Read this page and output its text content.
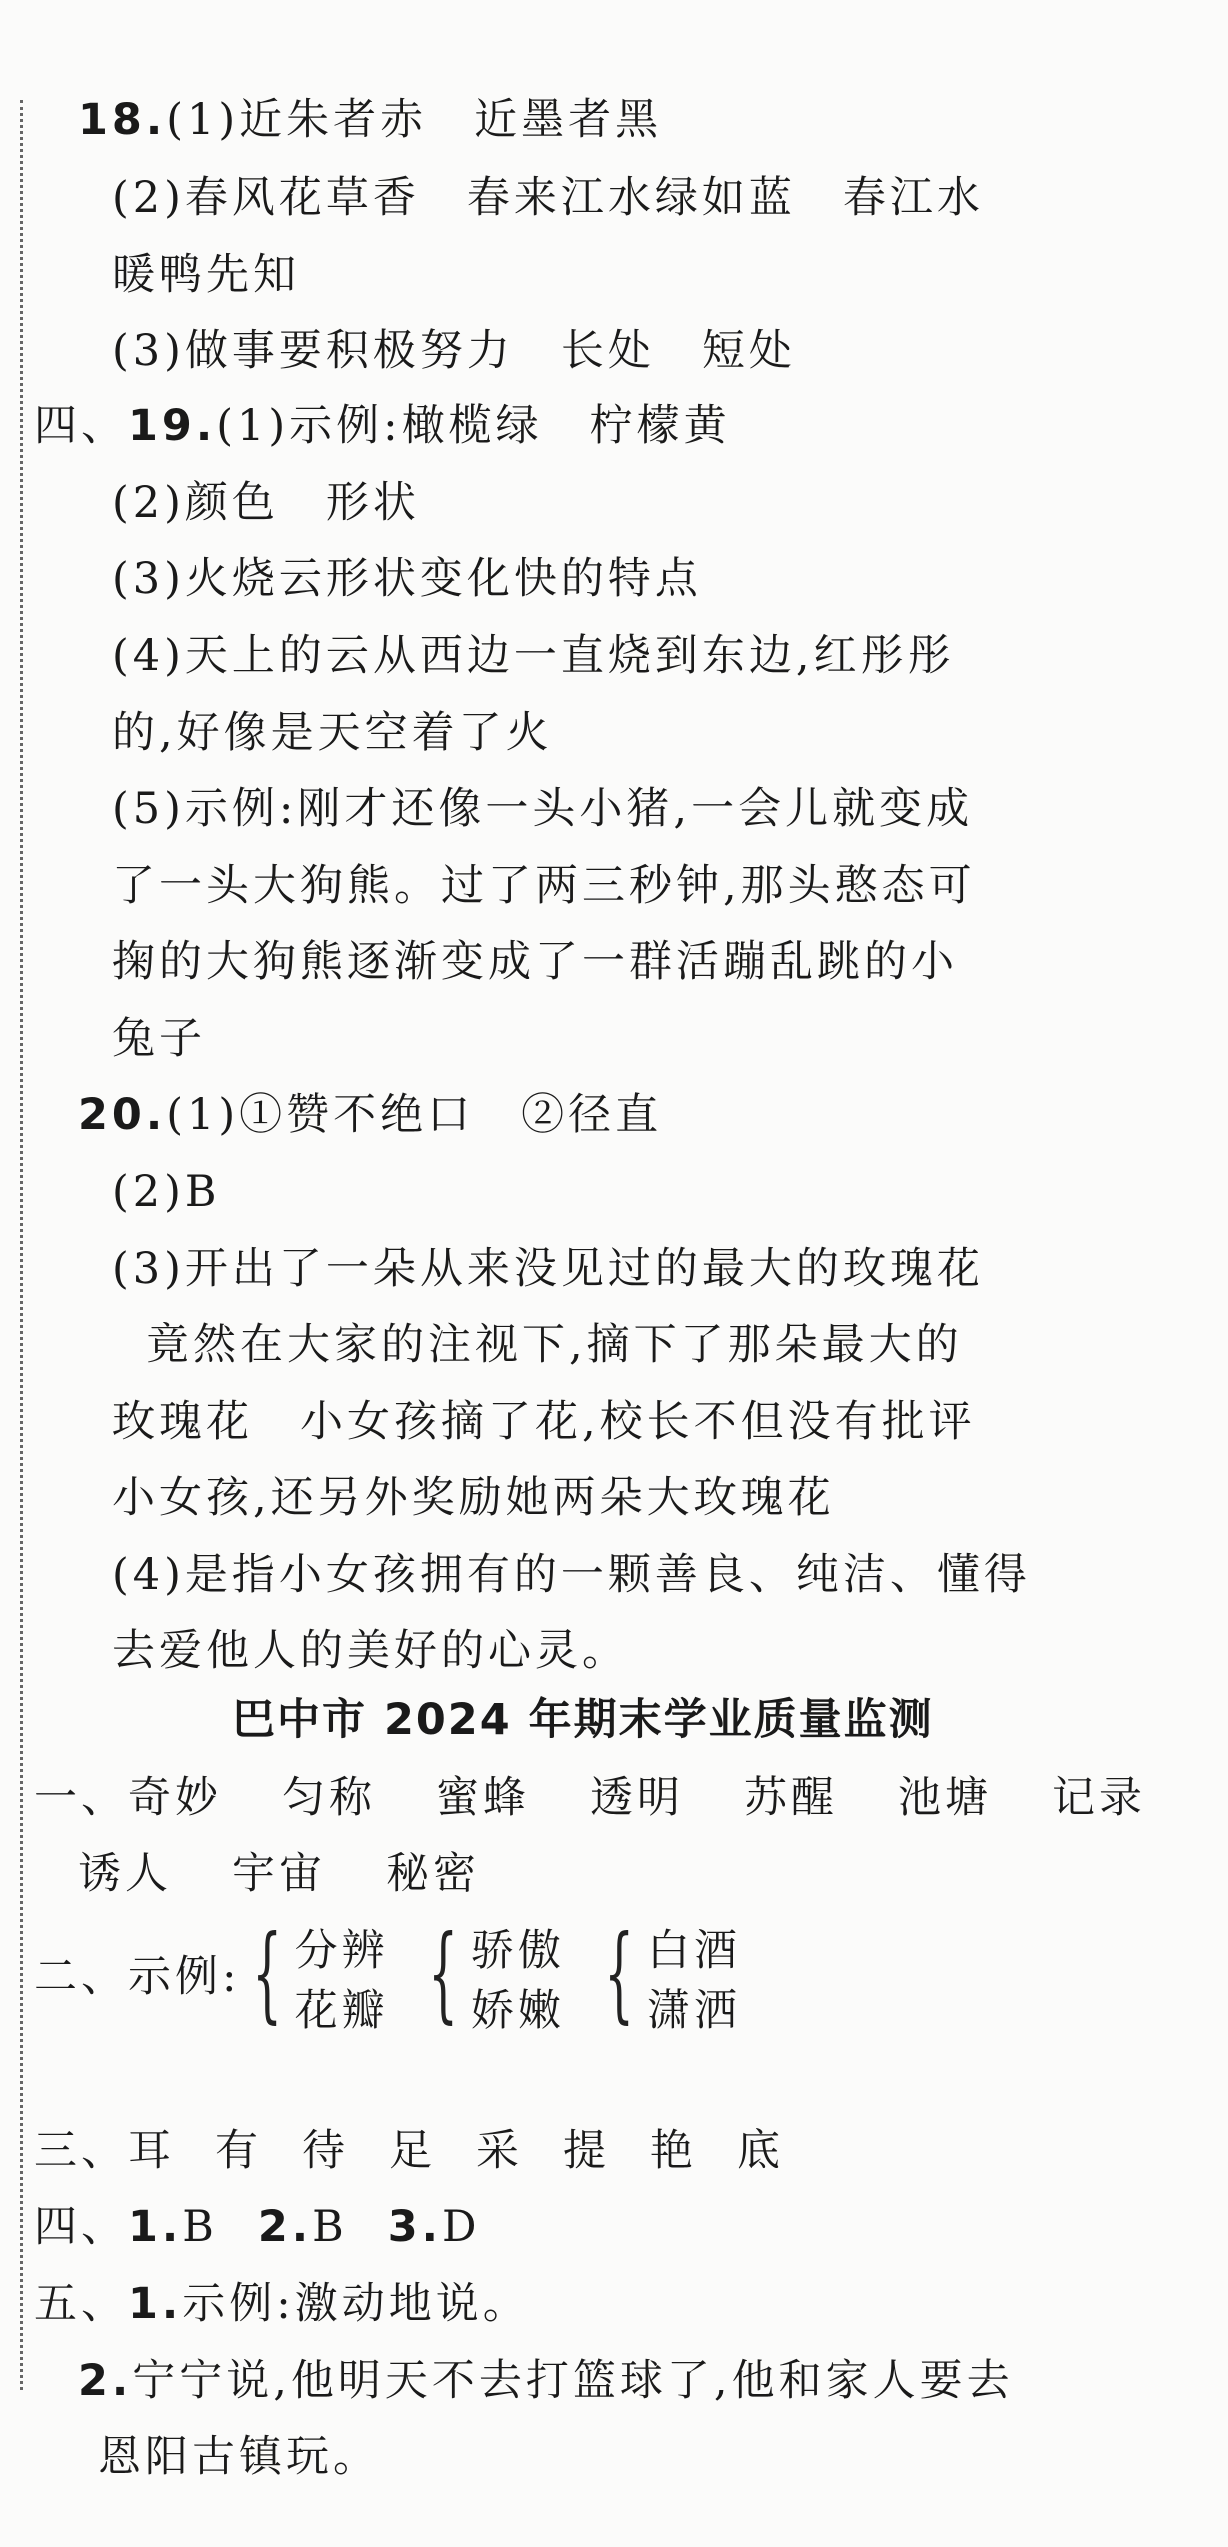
18.(1)近朱者赤　近墨者黑
(2)春风花草香　春来江水绿如蓝　春江水
暖鸭先知
(3)做事要积极努力　长处　短处
四、19.(1)示例:橄榄绿　柠檬黄
(2)颜色　形状
(3)火烧云形状变化快的特点
(4)天上的云从西边一直烧到东边,红彤彤
的,好像是天空着了火
(5)示例:刚才还像一头小猪,一会儿就变成
了一头大狗熊。过了两三秒钟,那头憨态可
掬的大狗熊逐渐变成了一群活蹦乱跳的小
兔子
20.(1)①赞不绝口　②径直
(2)B
(3)开出了一朵从来没见过的最大的玫瑰花
竟然在大家的注视下,摘下了那朵最大的
玫瑰花　小女孩摘了花,校长不但没有批评
小女孩,还另外奖励她两朵大玫瑰花
(4)是指小女孩拥有的一颗善良、纯洁、懂得
去爱他人的美好的心灵。
巴中市 2024 年期末学业质量监测
一、奇妙 匀称 蜜蜂 透明 苏醒 池塘 记录
诱人 宇宙 秘密
二、示例: { 分辨
花瓣 { 骄傲
娇嫩 { 白酒
潇洒
三、耳 有 待 足 采 提 艳 底
四、1.B 2.B 3.D
五、1.示例:激动地说。
2.宁宁说,他明天不去打篮球了,他和家人要去
恩阳古镇玩。
